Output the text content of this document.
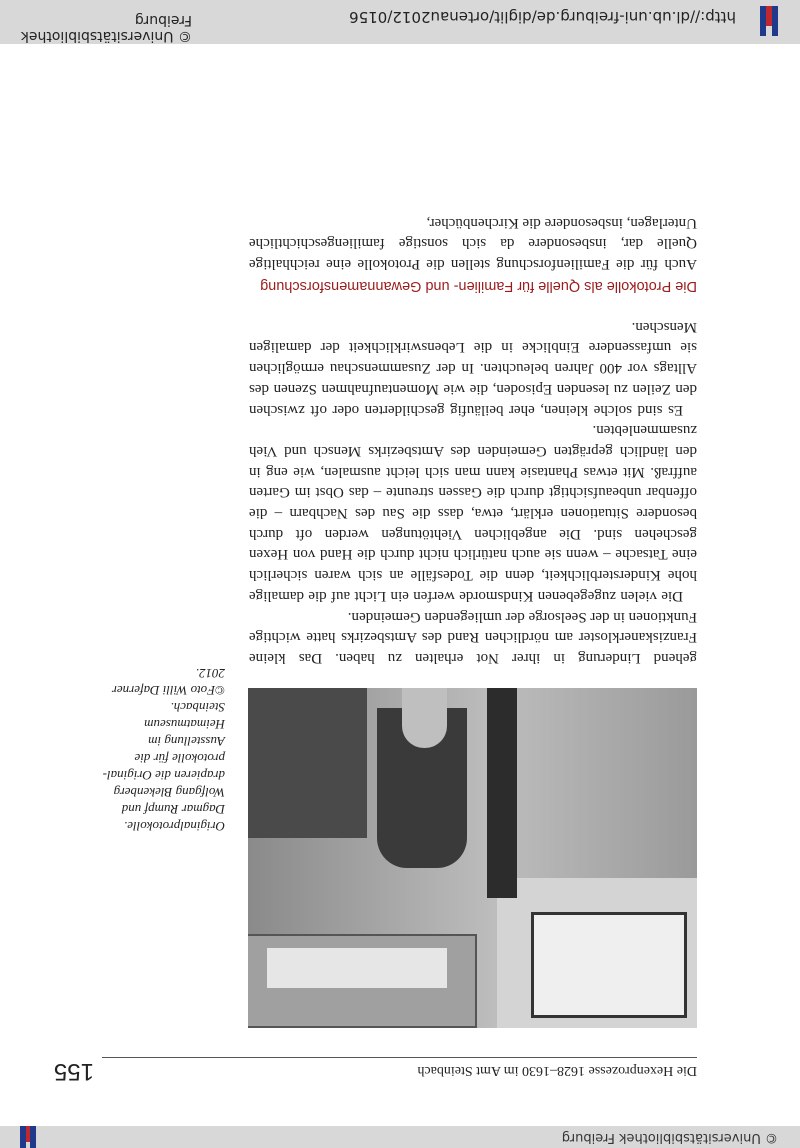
© Universitätsbibliothek Freiburg
155	Die Hexenprozesse 1628–1630 im Amt Steinbach
Originalprotokolle.
Dagmar Rumpf und
Wolfgang Blekenberg
drapieren die Original-
protokolle für die
Ausstellung im
Heimatmuseum
Steinbach.
©Foto Willi Daferner
2012.

gehend Linderung in ihrer Not erhalten zu haben. Das kleine Franziskanerkloster am nördlichen Rand des Amtsbezirks hatte wichtige Funktionen in der Seelsorge der umliegenden Gemeinden.

Die vielen zugegebenen Kindsmorde werfen ein Licht auf die damalige hohe Kindersterblichkeit, denn die Todesfälle an sich waren sicherlich eine Tatsache – wenn sie auch natürlich nicht durch die Hand von Hexen geschehen sind. Die angeblichen Viehtötungen werden oft durch besondere Situationen erklärt, etwa, dass die Sau des Nachbarn – die offenbar unbeaufsichtigt durch die Gassen streunte – das Obst im Garten auffraß. Mit etwas Phantasie kann man sich leicht ausmalen, wie eng in den ländlich geprägten Gemeinden des Amtsbezirks Mensch und Vieh zusammenlebten.

Es sind solche kleinen, eher beiläufig geschilderten oder oft zwischen den Zeilen zu lesenden Episoden, die wie Momentaufnahmen Szenen des Alltags vor 400 Jahren beleuchten. In der Zusammenschau ermöglichen sie umfassendere Einblicke in die Lebenswirklichkeit der damaligen Menschen.

Die Protokolle als Quelle für Familien- und Gewannamensforschung

Auch für die Familienforschung stellen die Protokolle eine reichhaltige Quelle dar, insbesondere da sich sonstige familiengeschichtliche Unterlagen, insbesondere die Kirchenbücher,

http://dl.ub.uni-freiburg.de/diglit/ortenau2012/0156
© Universitätsbibliothek Freiburg
